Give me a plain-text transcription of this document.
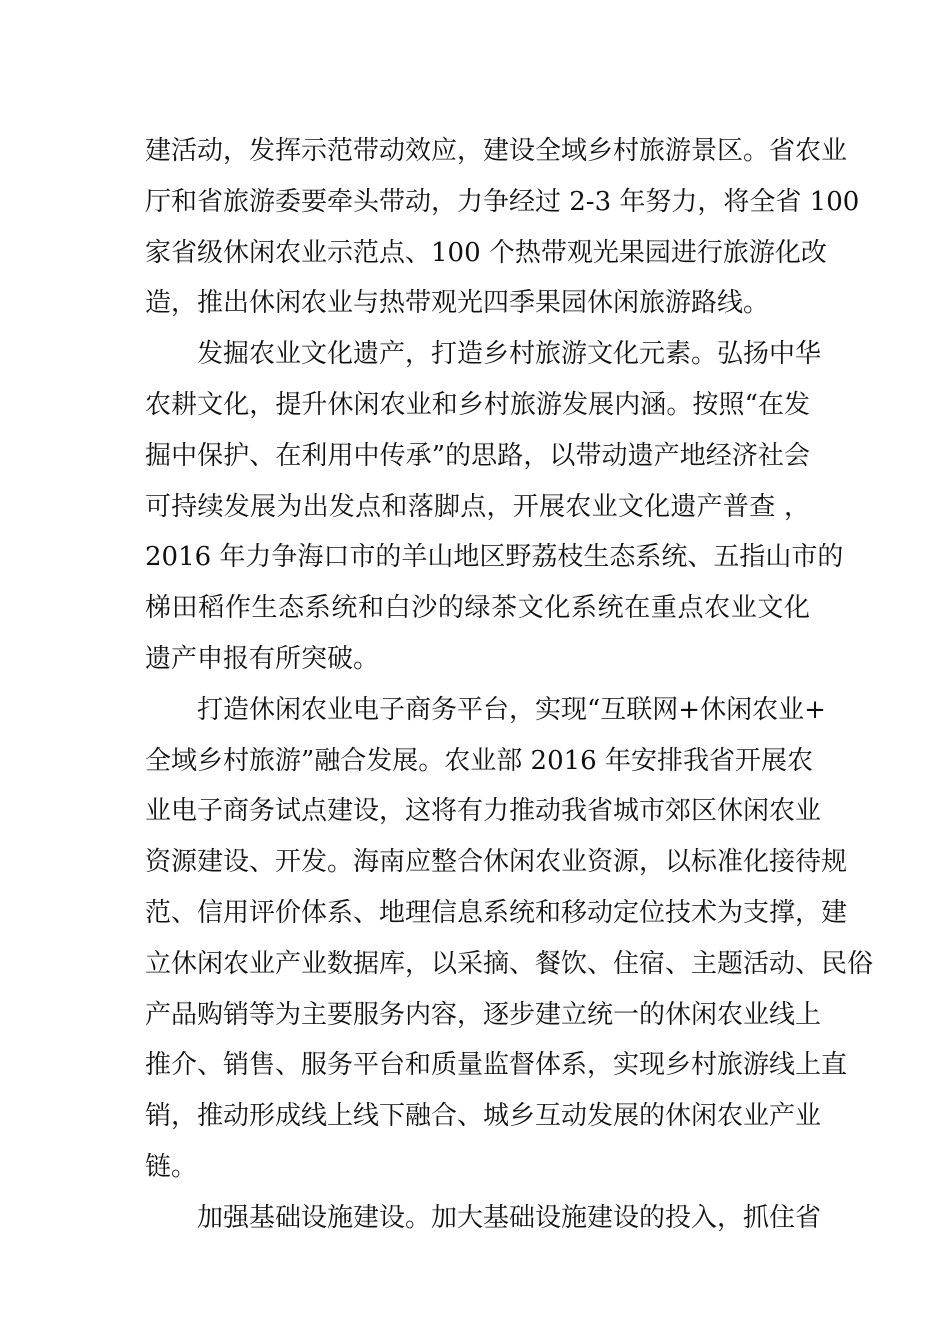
建活动，发挥示范带动效应，建设全域乡村旅游景区。省农业
厅和省旅游委要牵头带动，力争经过 2-3 年努力，将全省 100
家省级休闲农业示范点、100 个热带观光果园进行旅游化改
造，推出休闲农业与热带观光四季果园休闲旅游路线。
发掘农业文化遗产，打造乡村旅游文化元素。弘扬中华
农耕文化，提升休闲农业和乡村旅游发展内涵。按照“在发
掘中保护、在利用中传承”的思路，以带动遗产地经济社会
可持续发展为出发点和落脚点，开展农业文化遗产普查 ，
2016 年力争海口市的羊山地区野荔枝生态系统、五指山市的
梯田稻作生态系统和白沙的绿茶文化系统在重点农业文化
遗产申报有所突破。
打造休闲农业电子商务平台，实现“互联网+休闲农业+
全域乡村旅游”融合发展。农业部 2016 年安排我省开展农
业电子商务试点建设，这将有力推动我省城市郊区休闲农业
资源建设、开发。海南应整合休闲农业资源，以标准化接待规
范、信用评价体系、地理信息系统和移动定位技术为支撑，建
立休闲农业产业数据库，以采摘、餐饮、住宿、主题活动、民俗
产品购销等为主要服务内容，逐步建立统一的休闲农业线上
推介、销售、服务平台和质量监督体系，实现乡村旅游线上直
销，推动形成线上线下融合、城乡互动发展的休闲农业产业
链。
加强基础设施建设。加大基础设施建设的投入，抓住省
